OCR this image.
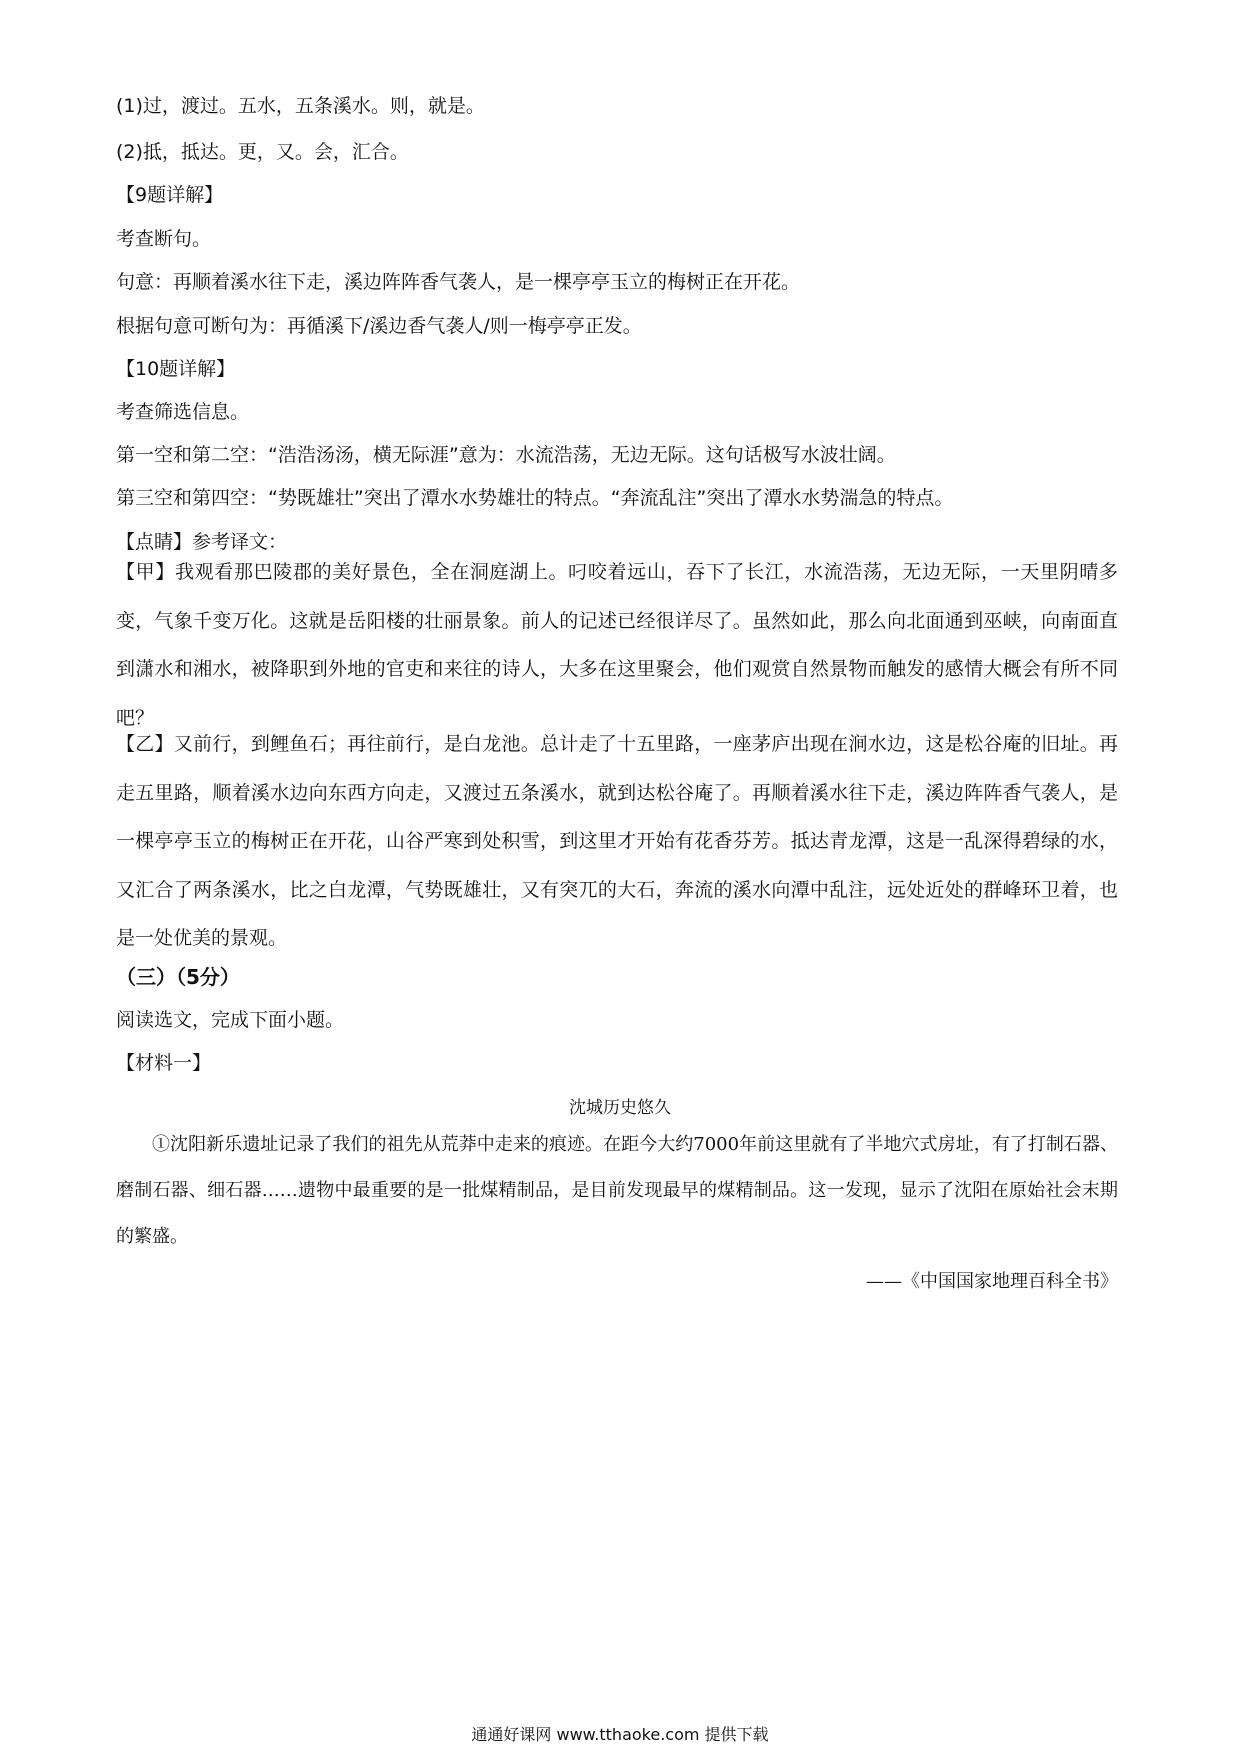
(1)过，渡过。五水，五条溪水。则，就是。
(2)抵，抵达。更，又。会，汇合。
【9题详解】
考查断句。
句意：再顺着溪水往下走，溪边阵阵香气袭人，是一棵亭亭玉立的梅树正在开花。
根据句意可断句为：再循溪下/溪边香气袭人/则一梅亭亭正发。
【10题详解】
考查筛选信息。
第一空和第二空：“浩浩汤汤，横无际涯”意为：水流浩荡，无边无际。这句话极写水波壮阔。
第三空和第四空：“势既雄壮”突出了潭水水势雄壮的特点。“奔流乱注”突出了潭水水势湍急的特点。
【点睛】参考译文：
【甲】我观看那巴陵郡的美好景色，全在洞庭湖上。叼咬着远山，吞下了长江，水流浩荡，无边无际，一天里阴晴多变，气象千变万化。这就是岳阳楼的壮丽景象。前人的记述已经很详尽了。虽然如此，那么向北面通到巫峡，向南面直到潇水和湘水，被降职到外地的官吏和来往的诗人，大多在这里聚会，他们观赏自然景物而触发的感情大概会有所不同吧？
【乙】又前行，到鲤鱼石；再往前行，是白龙池。总计走了十五里路，一座茅庐出现在涧水边，这是松谷庵的旧址。再走五里路，顺着溪水边向东西方向走，又渡过五条溪水，就到达松谷庵了。再顺着溪水往下走，溪边阵阵香气袭人，是一棵亭亭玉立的梅树正在开花，山谷严寒到处积雪，到这里才开始有花香芬芳。抵达青龙潭，这是一乱深得碧绿的水，又汇合了两条溪水，比之白龙潭，气势既雄壮，又有突兀的大石，奔流的溪水向潭中乱注，远处近处的群峰环卫着，也是一处优美的景观。
（三）（5分）
阅读选文，完成下面小题。
【材料一】
沈城历史悠久
①沈阳新乐遗址记录了我们的祖先从荒莽中走来的痕迹。在距今大约7000年前这里就有了半地穴式房址，有了打制石器、磨制石器、细石器……遗物中最重要的是一批煤精制品，是目前发现最早的煤精制品。这一发现，显示了沈阳在原始社会末期的繁盛。
——《中国国家地理百科全书》
通通好课网 www.tthaoke.com 提供下载
